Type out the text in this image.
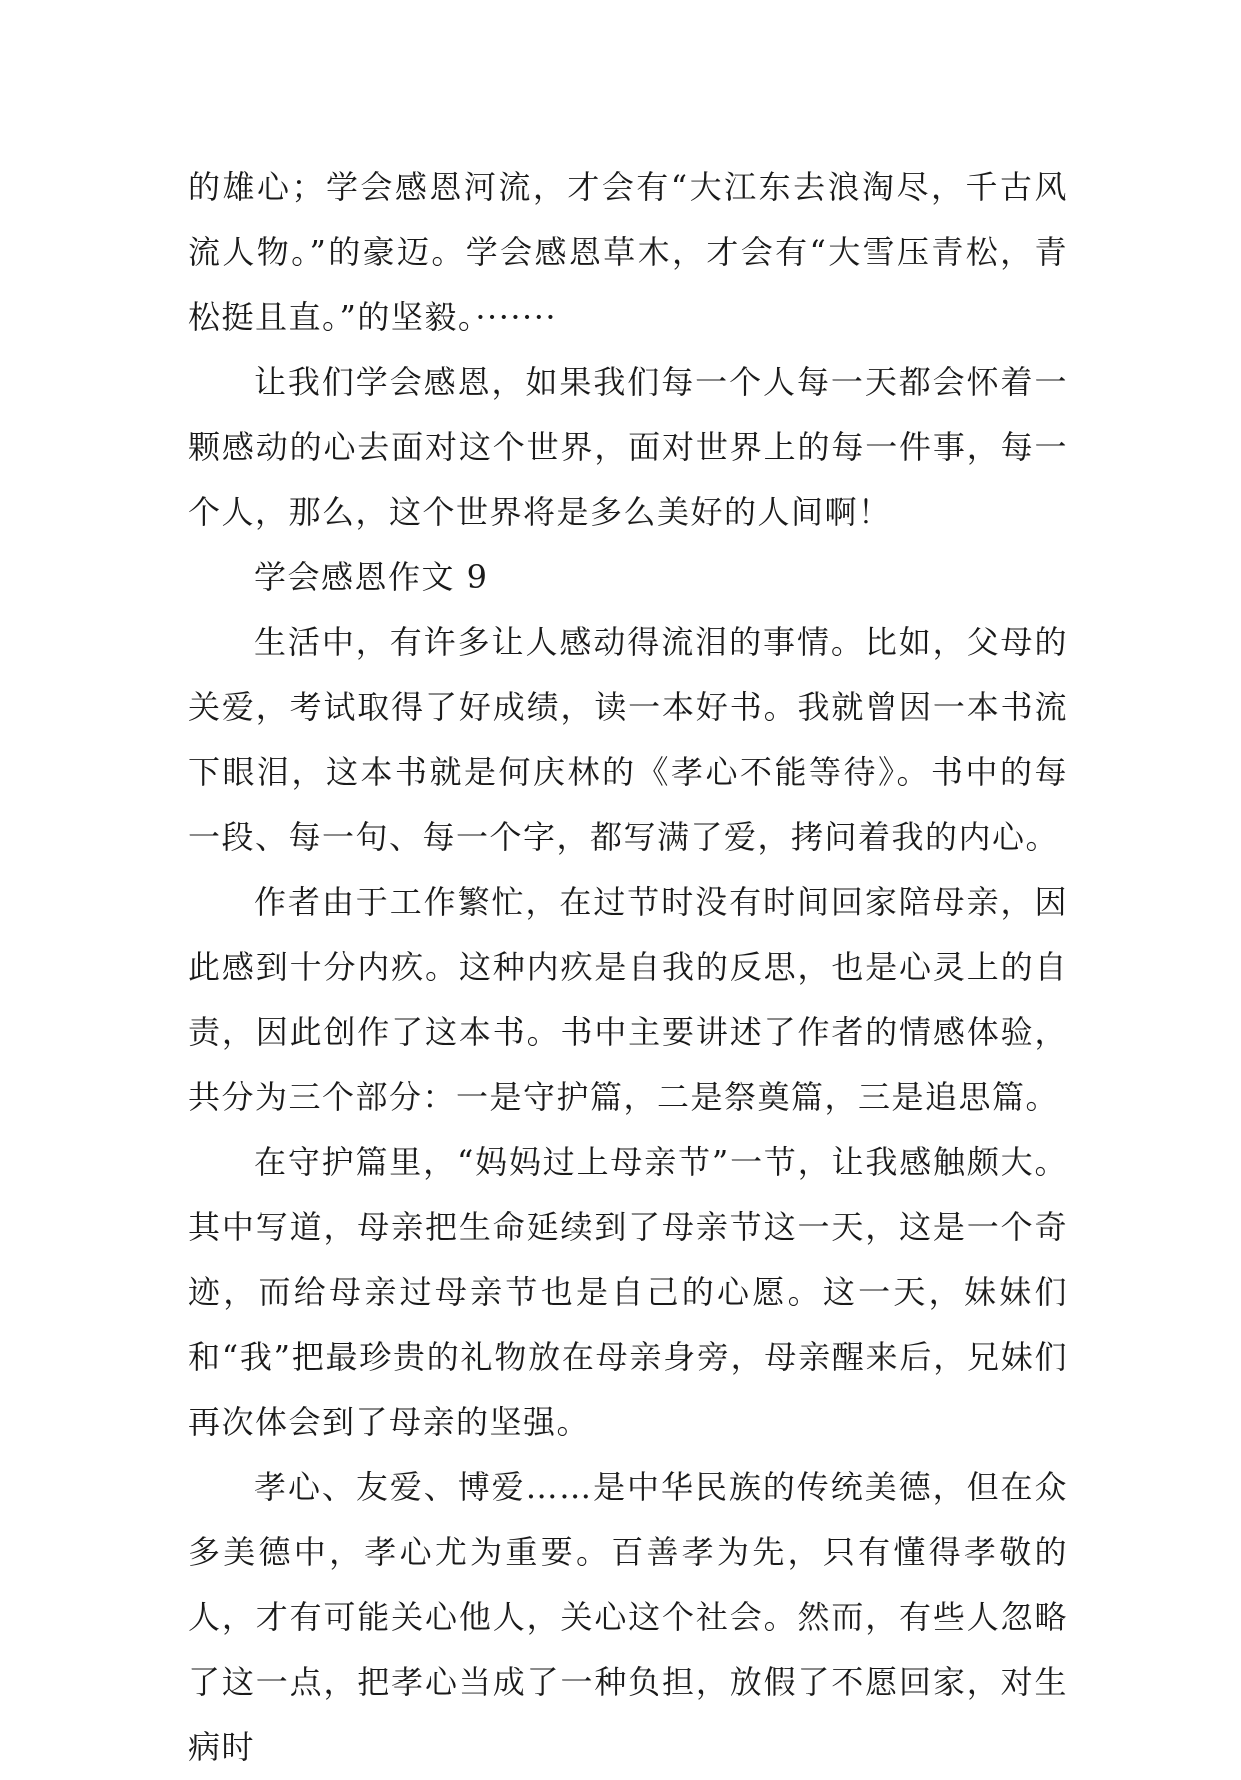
的雄心；学会感恩河流，才会有“大江东去浪淘尽，千古风流人物。”的豪迈。学会感恩草木，才会有“大雪压青松，青松挺且直。”的坚毅。·······

让我们学会感恩，如果我们每一个人每一天都会怀着一颗感动的心去面对这个世界，面对世界上的每一件事，每一个人，那么，这个世界将是多么美好的人间啊！

学会感恩作文 9

生活中，有许多让人感动得流泪的事情。比如，父母的关爱，考试取得了好成绩，读一本好书。我就曾因一本书流下眼泪，这本书就是何庆林的《孝心不能等待》。书中的每一段、每一句、每一个字，都写满了爱，拷问着我的内心。

作者由于工作繁忙，在过节时没有时间回家陪母亲，因此感到十分内疚。这种内疚是自我的反思，也是心灵上的自责，因此创作了这本书。书中主要讲述了作者的情感体验，共分为三个部分：一是守护篇，二是祭奠篇，三是追思篇。

在守护篇里，“妈妈过上母亲节”一节，让我感触颇大。其中写道，母亲把生命延续到了母亲节这一天，这是一个奇迹，而给母亲过母亲节也是自己的心愿。这一天，妹妹们和“我”把最珍贵的礼物放在母亲身旁，母亲醒来后，兄妹们再次体会到了母亲的坚强。

孝心、友爱、博爱……是中华民族的传统美德，但在众多美德中，孝心尤为重要。百善孝为先，只有懂得孝敬的人，才有可能关心他人，关心这个社会。然而，有些人忽略了这一点，把孝心当成了一种负担，放假了不愿回家，对生病时
